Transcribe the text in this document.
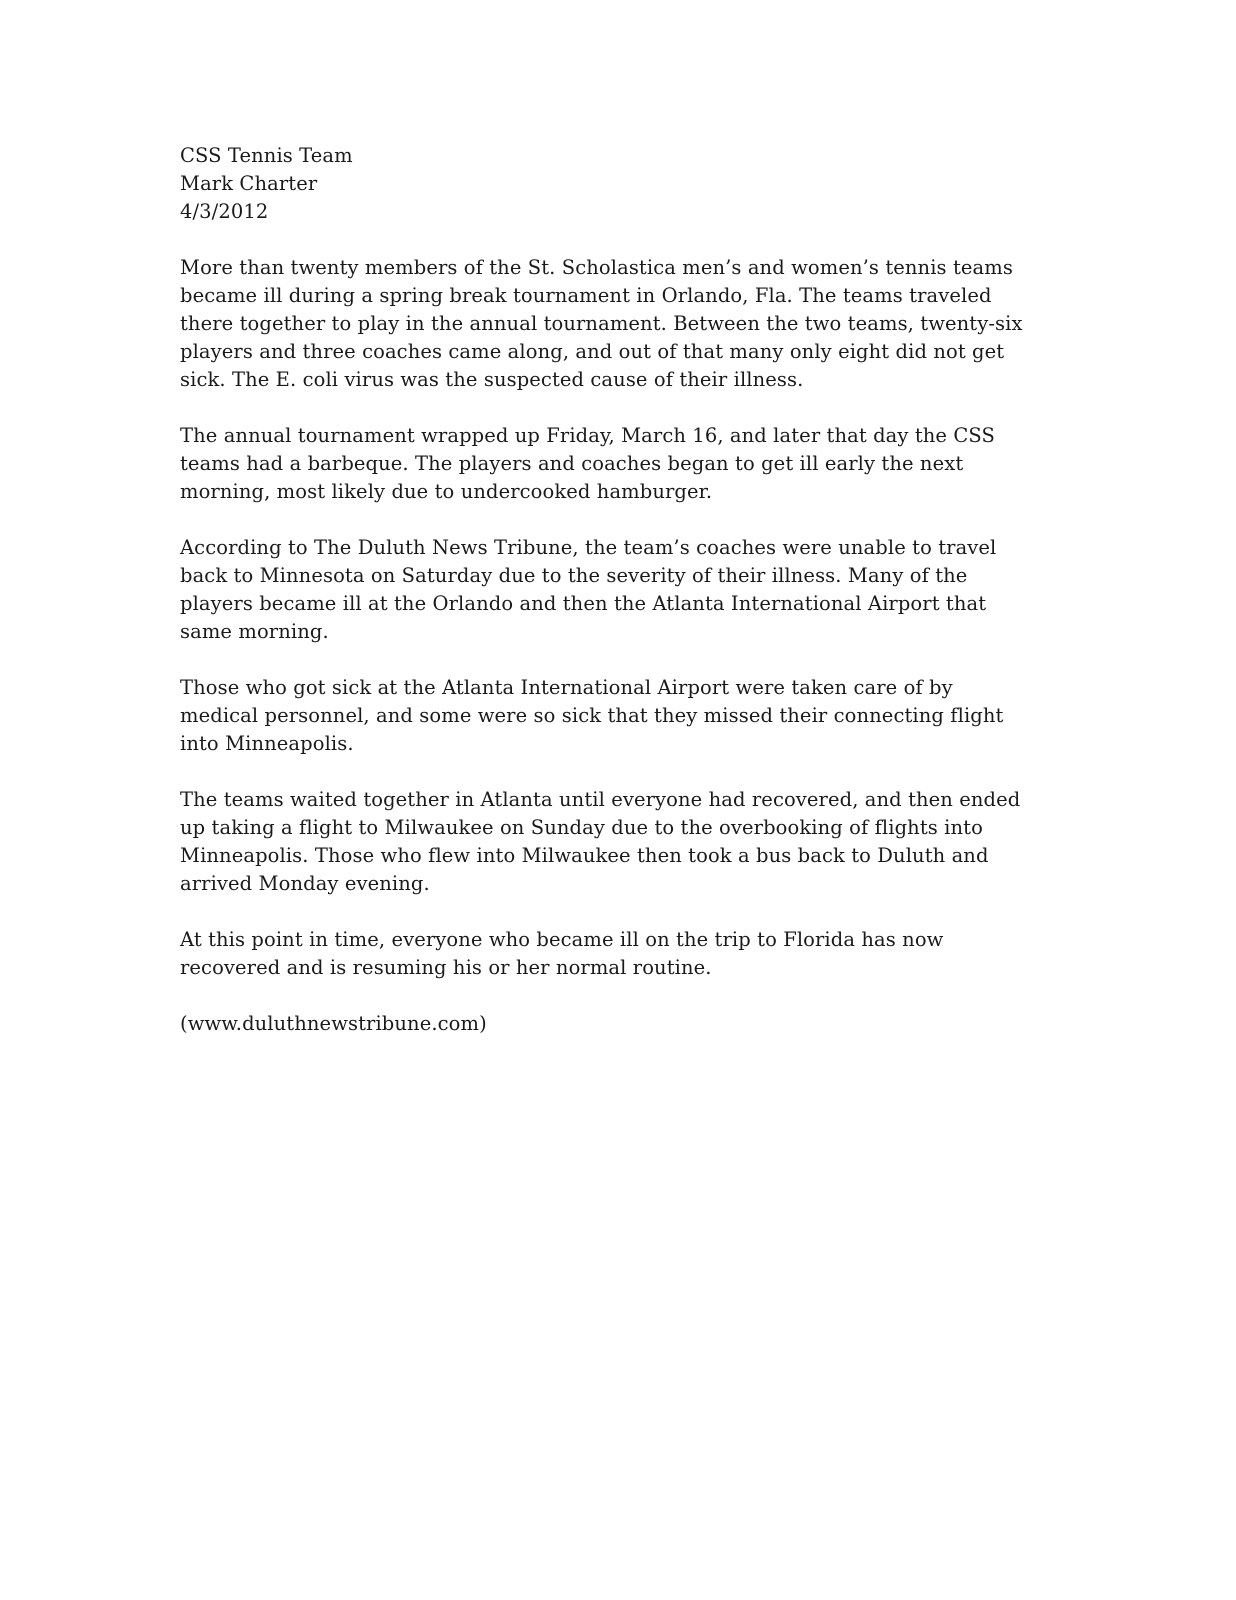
CSS Tennis Team
Mark Charter
4/3/2012

More than twenty members of the St. Scholastica men’s and women’s tennis teams
became ill during a spring break tournament in Orlando, Fla. The teams traveled
there together to play in the annual tournament. Between the two teams, twenty-six
players and three coaches came along, and out of that many only eight did not get
sick. The E. coli virus was the suspected cause of their illness.

The annual tournament wrapped up Friday, March 16, and later that day the CSS
teams had a barbeque. The players and coaches began to get ill early the next
morning, most likely due to undercooked hamburger.

According to The Duluth News Tribune, the team’s coaches were unable to travel
back to Minnesota on Saturday due to the severity of their illness. Many of the
players became ill at the Orlando and then the Atlanta International Airport that
same morning.

Those who got sick at the Atlanta International Airport were taken care of by
medical personnel, and some were so sick that they missed their connecting flight
into Minneapolis.

The teams waited together in Atlanta until everyone had recovered, and then ended
up taking a flight to Milwaukee on Sunday due to the overbooking of flights into
Minneapolis. Those who flew into Milwaukee then took a bus back to Duluth and
arrived Monday evening.

At this point in time, everyone who became ill on the trip to Florida has now
recovered and is resuming his or her normal routine.

(www.duluthnewstribune.com)
